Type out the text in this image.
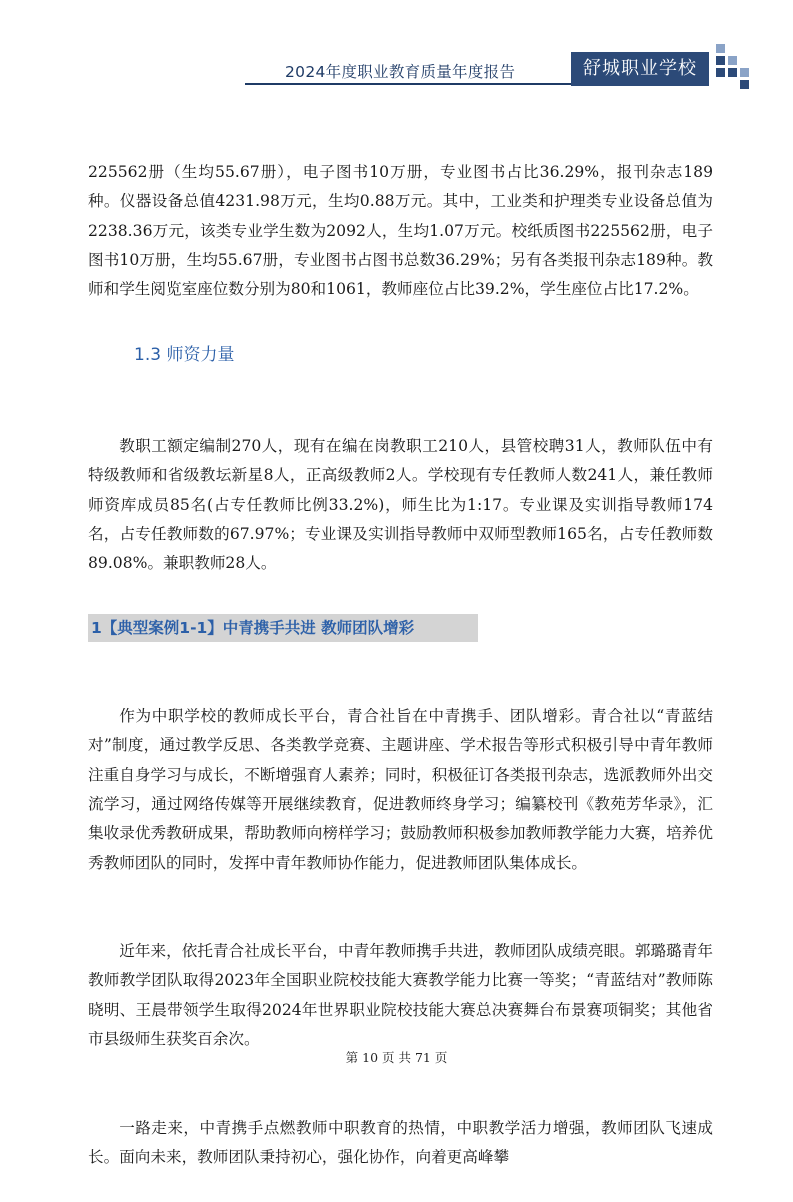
2024年度职业教育质量年度报告	舒城职业学校

225562册（生均55.67册），电子图书10万册，专业图书占比36.29%，报刊杂志189种。仪器设备总值4231.98万元，生均0.88万元。其中，工业类和护理类专业设备总值为2238.36万元，该类专业学生数为2092人，生均1.07万元。校纸质图书225562册，电子图书10万册，生均55.67册，专业图书占图书总数36.29%；另有各类报刊杂志189种。教师和学生阅览室座位数分别为80和1061，教师座位占比39.2%，学生座位占比17.2%。

1.3 师资力量

教职工额定编制270人，现有在编在岗教职工210人，县管校聘31人，教师队伍中有特级教师和省级教坛新星8人，正高级教师2人。学校现有专任教师人数241人，兼任教师师资库成员85名(占专任教师比例33.2%)，师生比为1:17。专业课及实训指导教师174名，占专任教师数的67.97%；专业课及实训指导教师中双师型教师165名，占专任教师数89.08%。兼职教师28人。

1【典型案例1-1】中青携手共进 教师团队增彩

作为中职学校的教师成长平台，青合社旨在中青携手、团队增彩。青合社以“青蓝结对”制度，通过教学反思、各类教学竞赛、主题讲座、学术报告等形式积极引导中青年教师注重自身学习与成长，不断增强育人素养；同时，积极征订各类报刊杂志，选派教师外出交流学习，通过网络传媒等开展继续教育，促进教师终身学习；编纂校刊《教苑芳华录》，汇集收录优秀教研成果，帮助教师向榜样学习；鼓励教师积极参加教师教学能力大赛，培养优秀教师团队的同时，发挥中青年教师协作能力，促进教师团队集体成长。

近年来，依托青合社成长平台，中青年教师携手共进，教师团队成绩亮眼。郭璐璐青年教师教学团队取得2023年全国职业院校技能大赛教学能力比赛一等奖；“青蓝结对”教师陈晓明、王晨带领学生取得2024年世界职业院校技能大赛总决赛舞台布景赛项铜奖；其他省市县级师生获奖百余次。

一路走来，中青携手点燃教师中职教育的热情，中职教学活力增强，教师团队飞速成长。面向未来，教师团队秉持初心，强化协作，向着更高峰攀

第 10 页 共 71 页
